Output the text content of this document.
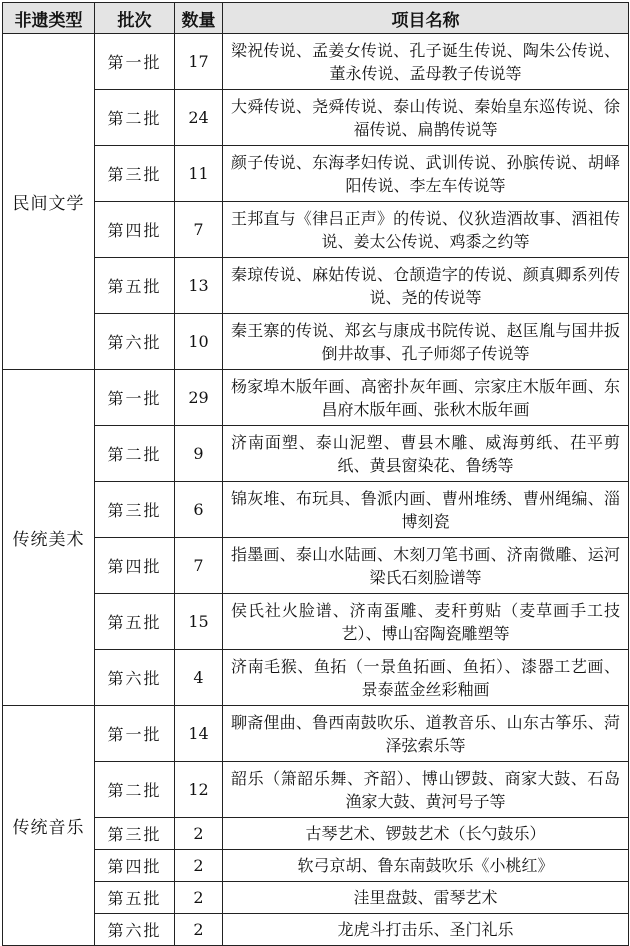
非遗类型	批次	数量	项目名称
民间文学	第一批	17	梁祝传说、孟姜女传说、孔子诞生传说、陶朱公传说、董永传说、孟母教子传说等
	第二批	24	大舜传说、尧舜传说、泰山传说、秦始皇东巡传说、徐福传说、扁鹊传说等
	第三批	11	颜子传说、东海孝妇传说、武训传说、孙膑传说、胡峄阳传说、李左车传说等
	第四批	7	王邦直与《律吕正声》的传说、仪狄造酒故事、酒祖传说、姜太公传说、鸡黍之约等
	第五批	13	秦琼传说、麻姑传说、仓颉造字的传说、颜真卿系列传说、尧的传说等
	第六批	10	秦王寨的传说、郑玄与康成书院传说、赵匡胤与国井扳倒井故事、孔子师郯子传说等
传统美术	第一批	29	杨家埠木版年画、高密扑灰年画、宗家庄木版年画、东昌府木版年画、张秋木版年画
	第二批	9	济南面塑、泰山泥塑、曹县木雕、威海剪纸、茌平剪纸、黄县窗染花、鲁绣等
	第三批	6	锦灰堆、布玩具、鲁派内画、曹州堆绣、曹州绳编、淄博刻瓷
	第四批	7	指墨画、泰山水陆画、木刻刀笔书画、济南微雕、运河梁氏石刻脸谱等
	第五批	15	侯氏社火脸谱、济南蛋雕、麦秆剪贴（麦草画手工技艺）、博山窑陶瓷雕塑等
	第六批	4	济南毛猴、鱼拓（一景鱼拓画、鱼拓）、漆器工艺画、景泰蓝金丝彩釉画
传统音乐	第一批	14	聊斋俚曲、鲁西南鼓吹乐、道教音乐、山东古筝乐、菏泽弦索乐等
	第二批	12	韶乐（箫韶乐舞、齐韶）、博山锣鼓、商家大鼓、石岛渔家大鼓、黄河号子等
	第三批	2	古琴艺术、锣鼓艺术（长勺鼓乐）
	第四批	2	软弓京胡、鲁东南鼓吹乐《小桃红》
	第五批	2	洼里盘鼓、雷琴艺术
	第六批	2	龙虎斗打击乐、圣门礼乐
